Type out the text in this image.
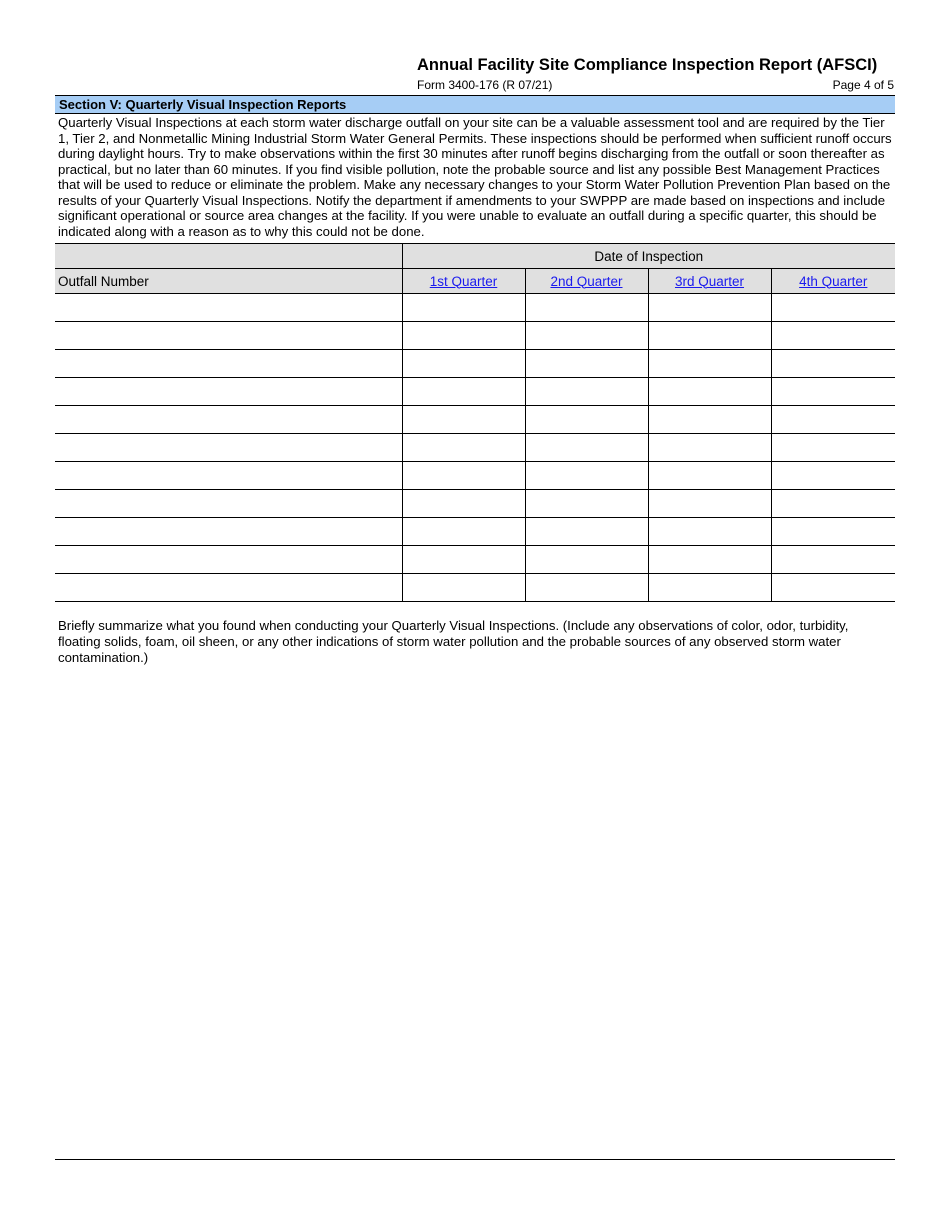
Annual Facility Site Compliance Inspection Report (AFSCI)
Form 3400-176 (R 07/21)	Page 4 of 5
Section V: Quarterly Visual Inspection Reports
Quarterly Visual Inspections at each storm water discharge outfall on your site can be a valuable assessment tool and are required by the Tier 1, Tier 2, and Nonmetallic Mining Industrial Storm Water General Permits. These inspections should be performed when sufficient runoff occurs during daylight hours. Try to make observations within the first 30 minutes after runoff begins discharging from the outfall or soon thereafter as practical, but no later than 60 minutes. If you find visible pollution, note the probable source and list any possible Best Management Practices that will be used to reduce or eliminate the problem. Make any necessary changes to your Storm Water Pollution Prevention Plan based on the results of your Quarterly Visual Inspections. Notify the department if amendments to your SWPPP are made based on inspections and include significant operational or source area changes at the facility. If you were unable to evaluate an outfall during a specific quarter, this should be indicated along with a reason as to why this could not be done.
	Date of Inspection			
Outfall Number	1st Quarter	2nd Quarter	3rd Quarter	4th Quarter

Briefly summarize what you found when conducting your Quarterly Visual Inspections. (Include any observations of color, odor, turbidity, floating solids, foam, oil sheen, or any other indications of storm water pollution and the probable sources of any observed storm water contamination.)
